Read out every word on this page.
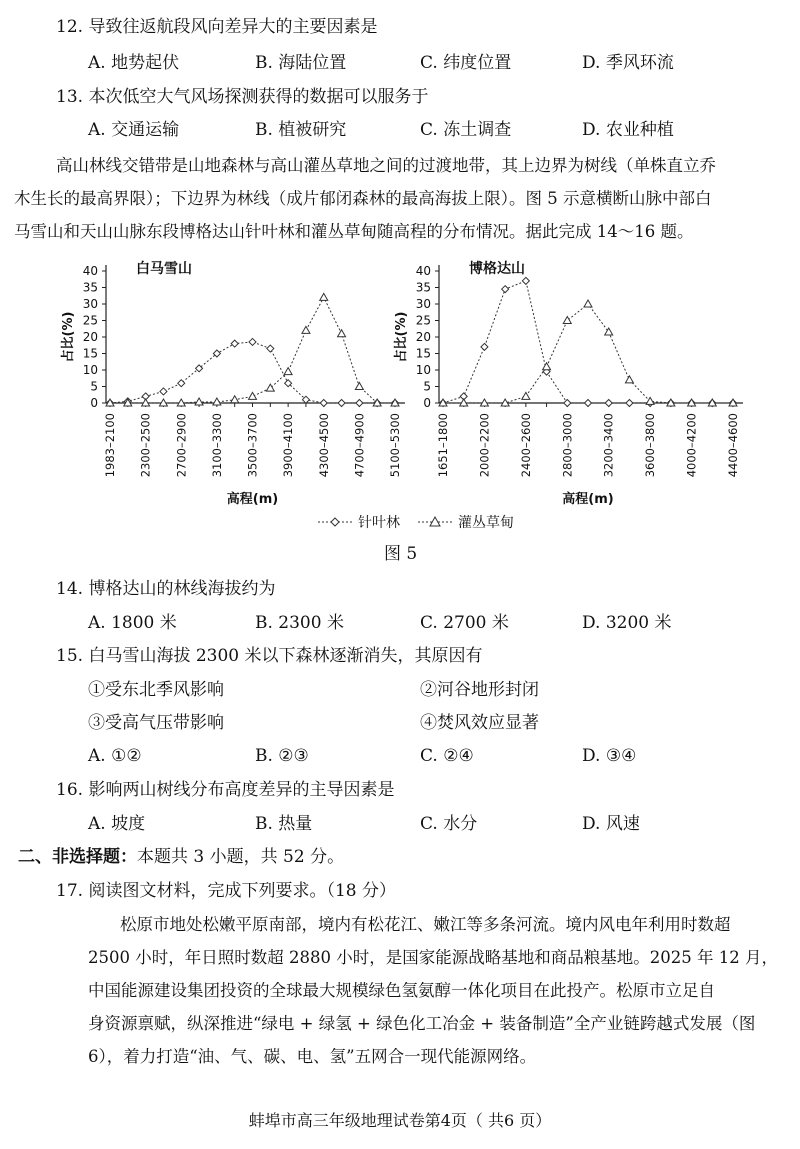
12. 导致往返航段风向差异大的主要因素是
A. 地势起伏	B. 海陆位置	C. 纬度位置	D. 季风环流
13. 本次低空大气风场探测获得的数据可以服务于
A. 交通运输	B. 植被研究	C. 冻土调查	D. 农业种植
高山林线交错带是山地森林与高山灌丛草地之间的过渡地带，其上边界为树线（单株直立乔
木生长的最高界限）；下边界为林线（成片郁闭森林的最高海拔上限）。图 5 示意横断山脉中部白
马雪山和天山山脉东段博格达山针叶林和灌丛草甸随高程的分布情况。据此完成 14～16 题。
0
5
10
15
20
25
30
35
40
1983–2100 2300–2500 2700–2900 3100–3300 3500–3700 3900–4100 4300–4500 4700–4900 5100–5300
占比(%)
白马雪山
高程(m)
0
5
10
15
20
25
30
35
40
1651–1800 2000–2200 2400–2600 2800–3000 3200–3400 3600–3800 4000–4200 4400–4600
占比(%)
博格达山
高程(m)
针叶林	灌丛草甸
图 5
14. 博格达山的林线海拔约为
A. 1800 米	B. 2300 米	C. 2700 米	D. 3200 米
15. 白马雪山海拔 2300 米以下森林逐渐消失，其原因有
①受东北季风影响	②河谷地形封闭
③受高气压带影响	④焚风效应显著
A. ①②	B. ②③	C. ②④	D. ③④
16. 影响两山树线分布高度差异的主导因素是
A. 坡度	B. 热量	C. 水分	D. 风速
二、非选择题：本题共 3 小题，共 52 分。
17. 阅读图文材料，完成下列要求。（18 分）
松原市地处松嫩平原南部，境内有松花江、嫩江等多条河流。境内风电年利用时数超
2500 小时，年日照时数超 2880 小时，是国家能源战略基地和商品粮基地。2025 年 12 月，
中国能源建设集团投资的全球最大规模绿色氢氨醇一体化项目在此投产。松原市立足自
身资源禀赋，纵深推进“绿电 + 绿氢 + 绿色化工冶金 + 装备制造”全产业链跨越式发展（图
6），着力打造“油、气、碳、电、氢”五网合一现代能源网络。
蚌埠市高三年级地理试卷第4页（ 共6 页）
